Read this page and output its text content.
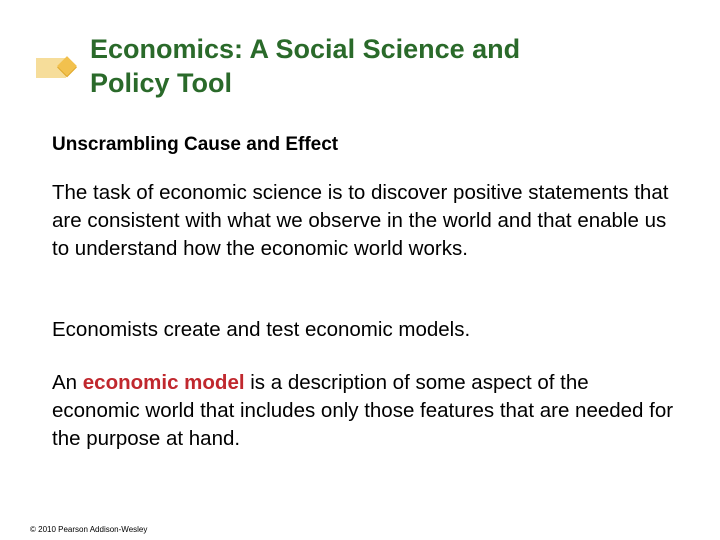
Economics: A Social Science and
Policy Tool
Unscrambling Cause and Effect

The task of economic science is to discover positive statements that are consistent with what we observe in the world and that enable us to understand how the economic world works.

Economists create and test economic models.

An economic model is a description of some aspect of the economic world that includes only those features that are needed for the purpose at hand.

© 2010 Pearson Addison-Wesley
